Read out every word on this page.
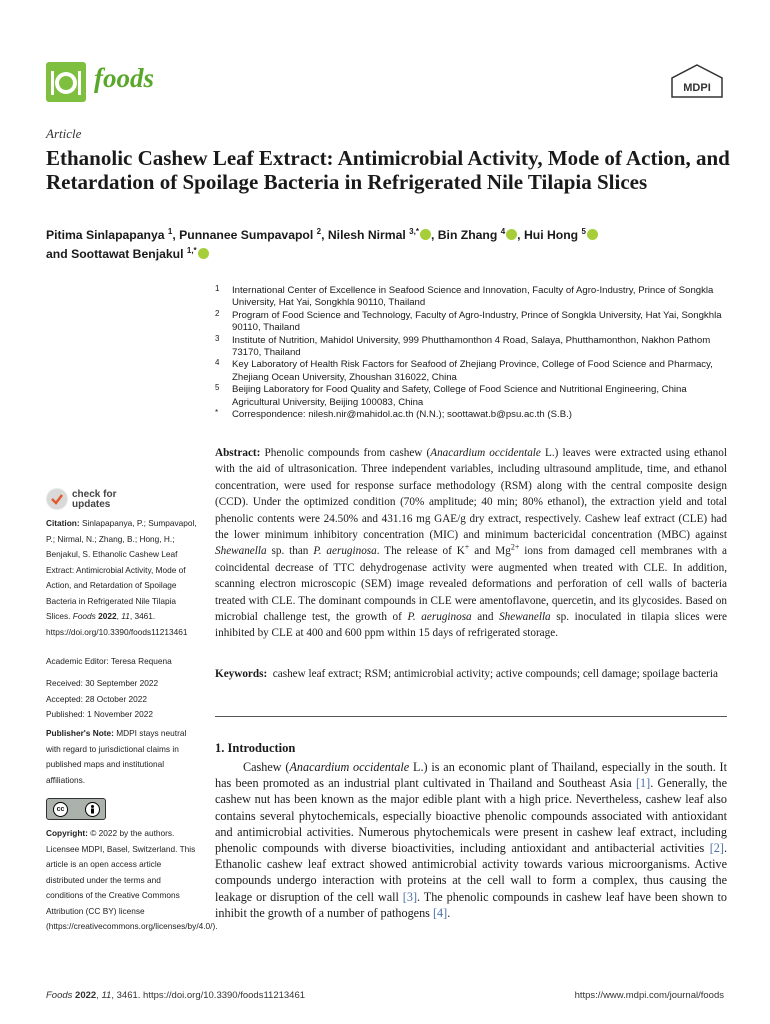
foods	MDPI
Article
Ethanolic Cashew Leaf Extract: Antimicrobial Activity, Mode of Action, and Retardation of Spoilage Bacteria in Refrigerated Nile Tilapia Slices
Pitima Sinlapapanya $^1$, Punnanee Sumpavapol $^2$, Nilesh Nirmal $^{3,*}$ , Bin Zhang $^4$ , Hui Hong $^5$
and Soottawat Benjakul $^{1,*}$
1 International Center of Excellence in Seafood Science and Innovation, Faculty of Agro-Industry, Prince of Songkla University, Hat Yai, Songkhla 90110, Thailand
2 Program of Food Science and Technology, Faculty of Agro-Industry, Prince of Songkla University, Hat Yai, Songkhla 90110, Thailand
3 Institute of Nutrition, Mahidol University, 999 Phutthamonthon 4 Road, Salaya, Phutthamonthon, Nakhon Pathom 73170, Thailand
4 Key Laboratory of Health Risk Factors for Seafood of Zhejiang Province, College of Food Science and Pharmacy, Zhejiang Ocean University, Zhoushan 316022, China
5 Beijing Laboratory for Food Quality and Safety, College of Food Science and Nutritional Engineering, China Agricultural University, Beijing 100083, China
* Correspondence: nilesh.nir@mahidol.ac.th (N.N.); soottawat.b@psu.ac.th (S.B.)
Abstract: Phenolic compounds from cashew (Anacardium occidentale L.) leaves were extracted using ethanol with the aid of ultrasonication. Three independent variables, including ultrasound amplitude, time, and ethanol concentration, were used for response surface methodology (RSM) along with the central composite design (CCD). Under the optimized condition (70% amplitude; 40 min; 80% ethanol), the extraction yield and total phenolic contents were 24.50% and 431.16 mg GAE/g dry extract, respectively. Cashew leaf extract (CLE) had the lower minimum inhibitory concentration (MIC) and minimum bactericidal concentration (MBC) against Shewanella sp. than P. aeruginosa. The release of K+ and $Mg^{2+}$ ions from damaged cell membranes with a coincidental decrease of TTC dehydrogenase activity were augmented when treated with CLE. In addition, scanning electron microscopic (SEM) image revealed deformations and perforation of cell walls of bacteria treated with CLE. The dominant compounds in CLE were amentoflavone, quercetin, and its glycosides. Based on microbial challenge test, the growth of P. aeruginosa and Shewanella sp. inoculated in tilapia slices were inhibited by CLE at 400 and 600 ppm within 15 days of refrigerated storage.
Keywords: cashew leaf extract; RSM; antimicrobial activity; active compounds; cell damage; spoilage bacteria
check for
updates
Citation: Sinlapapanya, P.; Sumpavapol, P.; Nirmal, N.; Zhang, B.; Hong, H.; Benjakul, S. Ethanolic Cashew Leaf Extract: Antimicrobial Activity, Mode of Action, and Retardation of Spoilage Bacteria in Refrigerated Nile Tilapia Slices. Foods 2022, 11, 3461. https://doi.org/10.3390/foods11213461
Academic Editor: Teresa Requena
Received: 30 September 2022
Accepted: 28 October 2022
Published: 1 November 2022
Publisher's Note: MDPI stays neutral with regard to jurisdictional claims in published maps and institutional affiliations.
cc
Copyright: © 2022 by the authors. Licensee MDPI, Basel, Switzerland. This article is an open access article distributed under the terms and conditions of the Creative Commons Attribution (CC BY) license (https://creativecommons.org/licenses/by/4.0/).
1. Introduction
Cashew (Anacardium occidentale L.) is an economic plant of Thailand, especially in the south. It has been promoted as an industrial plant cultivated in Thailand and Southeast Asia [1]. Generally, the cashew nut has been known as the major edible plant with a high price. Nevertheless, cashew leaf also contains several phytochemicals, especially bioactive phenolic compounds associated with antioxidant and antimicrobial activities. Numerous phytochemicals were present in cashew leaf extract, including phenolic compounds with diverse bioactivities, including antioxidant and antibacterial activities [2]. Ethanolic cashew leaf extract showed antimicrobial activity towards various microorganisms. Active compounds undergo interaction with proteins at the cell wall to form a complex, thus causing the leakage or disruption of the cell wall [3]. The phenolic compounds in cashew leaf have been shown to inhibit the growth of a number of pathogens [4].
Foods 2022, 11, 3461. https://doi.org/10.3390/foods11213461	https://www.mdpi.com/journal/foods
